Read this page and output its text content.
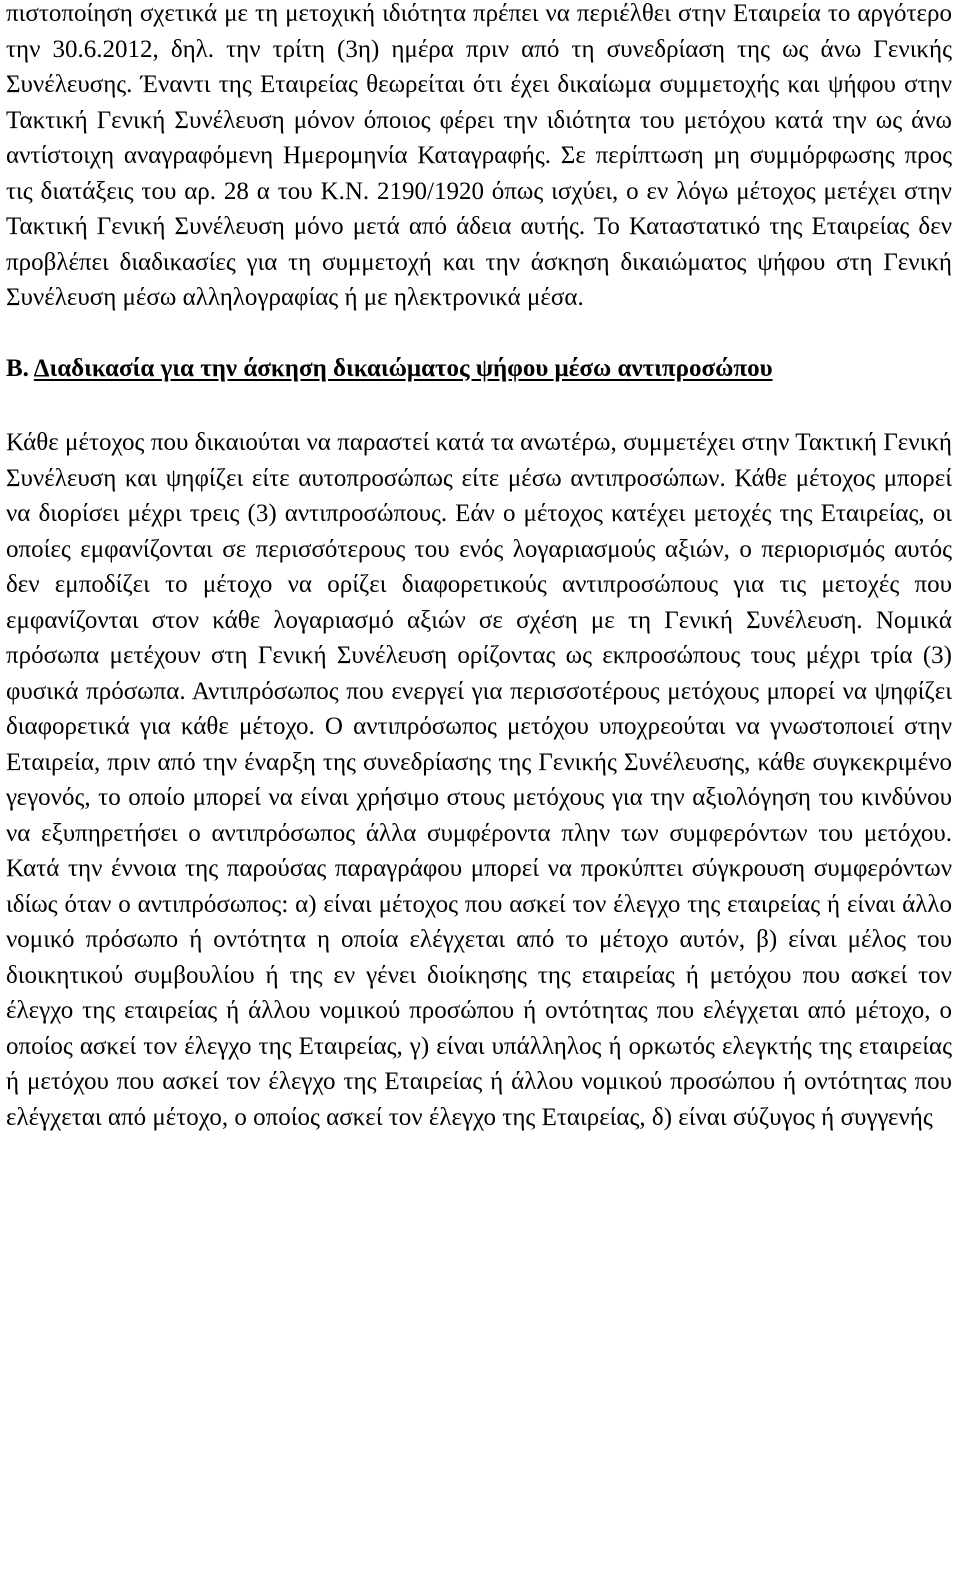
πιστοποίηση σχετικά με τη μετοχική ιδιότητα πρέπει να περιέλθει στην Εταιρεία το αργότερο την 30.6.2012, δηλ. την τρίτη (3η) ημέρα πριν από τη συνεδρίαση της ως άνω Γενικής Συνέλευσης. Έναντι της Εταιρείας θεωρείται ότι έχει δικαίωμα συμμετοχής και ψήφου στην Τακτική Γενική Συνέλευση μόνον όποιος φέρει την ιδιότητα του μετόχου κατά την ως άνω αντίστοιχη αναγραφόμενη Ημερομηνία Καταγραφής. Σε περίπτωση μη συμμόρφωσης προς τις διατάξεις του αρ. 28 α του Κ.Ν. 2190/1920 όπως ισχύει, ο εν λόγω μέτοχος μετέχει στην Τακτική Γενική Συνέλευση μόνο μετά από άδεια αυτής. Το Καταστατικό της Εταιρείας δεν προβλέπει διαδικασίες για τη συμμετοχή και την άσκηση δικαιώματος ψήφου στη Γενική Συνέλευση μέσω αλληλογραφίας ή με ηλεκτρονικά μέσα.

Β. Διαδικασία για την άσκηση δικαιώματος ψήφου μέσω αντιπροσώπου

Κάθε μέτοχος που δικαιούται να παραστεί κατά τα ανωτέρω, συμμετέχει στην Τακτική Γενική Συνέλευση και ψηφίζει είτε αυτοπροσώπως είτε μέσω αντιπροσώπων. Κάθε μέτοχος μπορεί να διορίσει μέχρι τρεις (3) αντιπροσώπους. Εάν ο μέτοχος κατέχει μετοχές της Εταιρείας, οι οποίες εμφανίζονται σε περισσότερους του ενός λογαριασμούς αξιών, ο περιορισμός αυτός δεν εμποδίζει το μέτοχο να ορίζει διαφορετικούς αντιπροσώπους για τις μετοχές που εμφανίζονται στον κάθε λογαριασμό αξιών σε σχέση με τη Γενική Συνέλευση. Νομικά πρόσωπα μετέχουν στη Γενική Συνέλευση ορίζοντας ως εκπροσώπους τους μέχρι τρία (3) φυσικά πρόσωπα. Αντιπρόσωπος που ενεργεί για περισσοτέρους μετόχους μπορεί να ψηφίζει διαφορετικά για κάθε μέτοχο. Ο αντιπρόσωπος μετόχου υποχρεούται να γνωστοποιεί στην Εταιρεία, πριν από την έναρξη της συνεδρίασης της Γενικής Συνέλευσης, κάθε συγκεκριμένο γεγονός, το οποίο μπορεί να είναι χρήσιμο στους μετόχους για την αξιολόγηση του κινδύνου να εξυπηρετήσει ο αντιπρόσωπος άλλα συμφέροντα πλην των συμφερόντων του μετόχου. Κατά την έννοια της παρούσας παραγράφου μπορεί να προκύπτει σύγκρουση συμφερόντων ιδίως όταν ο αντιπρόσωπος: α) είναι μέτοχος που ασκεί τον έλεγχο της εταιρείας ή είναι άλλο νομικό πρόσωπο ή οντότητα η οποία ελέγχεται από το μέτοχο αυτόν, β) είναι μέλος του διοικητικού συμβουλίου ή της εν γένει διοίκησης της εταιρείας ή μετόχου που ασκεί τον έλεγχο της εταιρείας ή άλλου νομικού προσώπου ή οντότητας που ελέγχεται από μέτοχο, ο οποίος ασκεί τον έλεγχο της Εταιρείας, γ) είναι υπάλληλος ή ορκωτός ελεγκτής της εταιρείας ή μετόχου που ασκεί τον έλεγχο της Εταιρείας ή άλλου νομικού προσώπου ή οντότητας που ελέγχεται από μέτοχο, ο οποίος ασκεί τον έλεγχο της Εταιρείας, δ) είναι σύζυγος ή συγγενής
